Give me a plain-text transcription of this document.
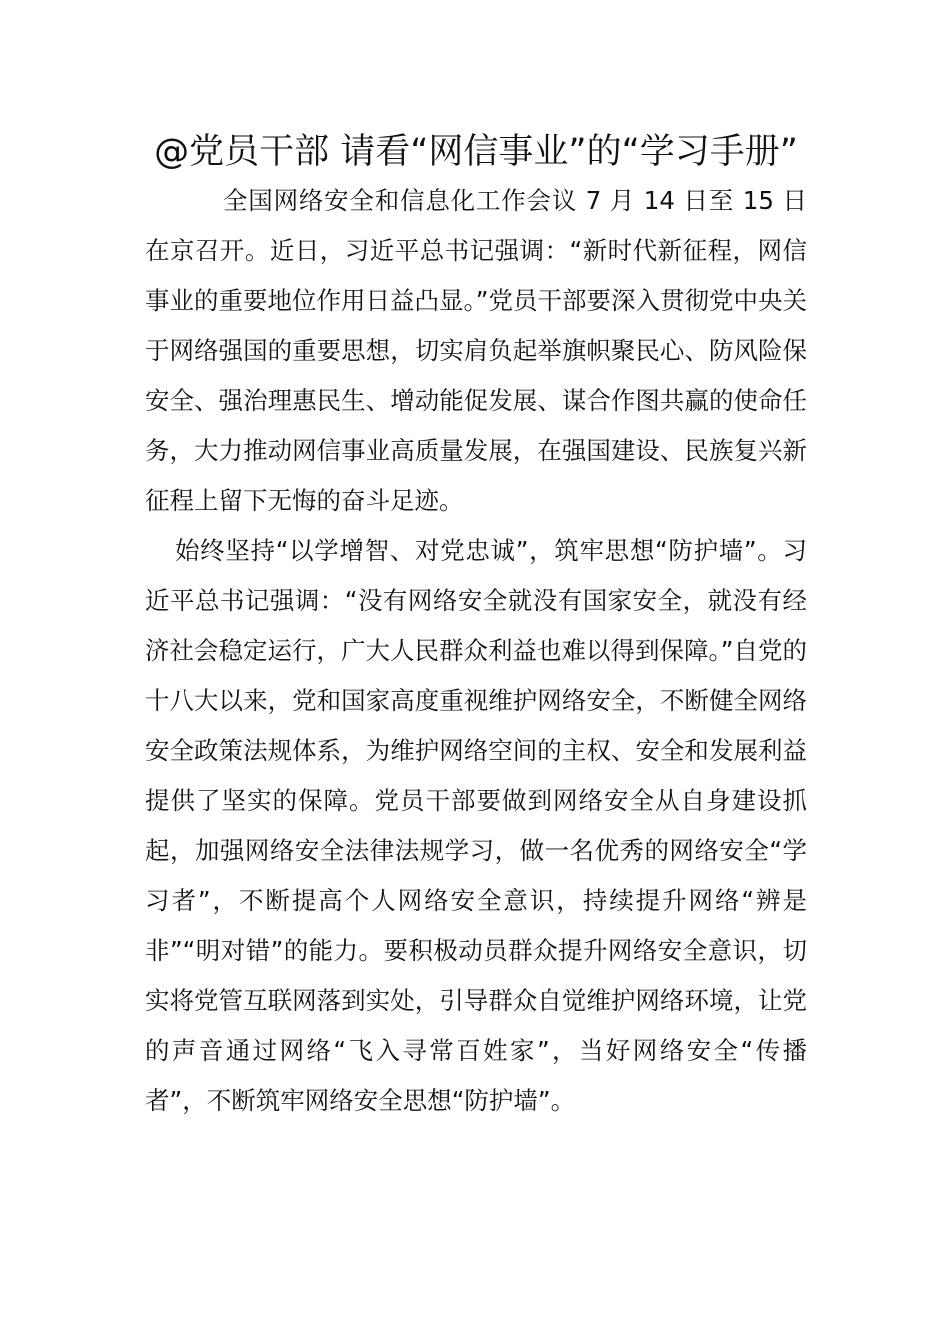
@党员干部 请看“网信事业”的“学习手册”

全国网络安全和信息化工作会议 7 月 14 日至 15 日在京召开。近日，习近平总书记强调：“新时代新征程，网信事业的重要地位作用日益凸显。”党员干部要深入贯彻党中央关于网络强国的重要思想，切实肩负起举旗帜聚民心、防风险保安全、强治理惠民生、增动能促发展、谋合作图共赢的使命任务，大力推动网信事业高质量发展，在强国建设、民族复兴新征程上留下无悔的奋斗足迹。

始终坚持“以学增智、对党忠诚”，筑牢思想“防护墙”。习近平总书记强调：“没有网络安全就没有国家安全，就没有经济社会稳定运行，广大人民群众利益也难以得到保障。”自党的十八大以来，党和国家高度重视维护网络安全，不断健全网络安全政策法规体系，为维护网络空间的主权、安全和发展利益提供了坚实的保障。党员干部要做到网络安全从自身建设抓起，加强网络安全法律法规学习，做一名优秀的网络安全“学习者”，不断提高个人网络安全意识，持续提升网络“辨是非”“明对错”的能力。要积极动员群众提升网络安全意识，切实将党管互联网落到实处，引导群众自觉维护网络环境，让党的声音通过网络“飞入寻常百姓家”，当好网络安全“传播者”，不断筑牢网络安全思想“防护墙”。
